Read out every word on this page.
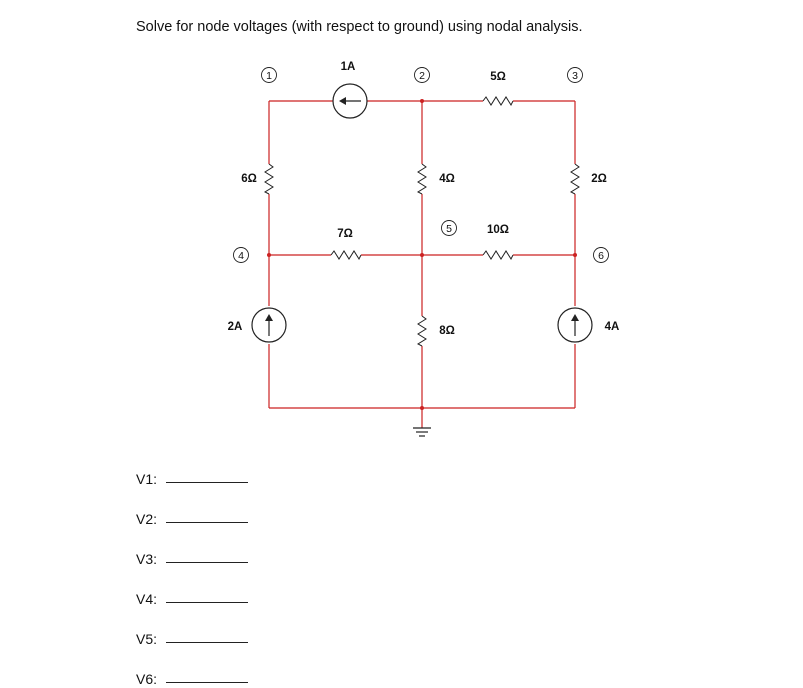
Solve for node voltages (with respect to ground) using nodal analysis.
1	2	3
4
5
6
1A
5Ω
6Ω	4Ω	2Ω
7Ω	10Ω
2A	8Ω	4A
V1:
V2:
V3:
V4:
V5:
V6:
